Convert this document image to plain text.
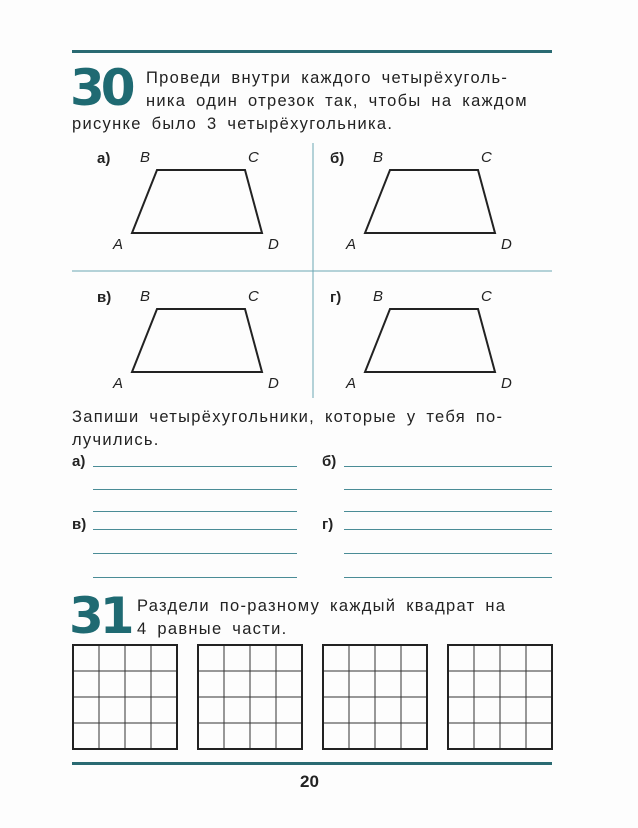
30 Проведи внутри каждого четырёхуголь-
ника один отрезок так, чтобы на каждом
рисунке было 3 четырёхугольника.
а) B	C
A	D
б) B	C
A	D
в) B	C
A	D
г) B	C
A	D
Запиши четырёхугольники, которые у тебя по-
лучились.
а)	б)
в)	г)
31 Раздели по-разному каждый квадрат на
4 равные части.
20
